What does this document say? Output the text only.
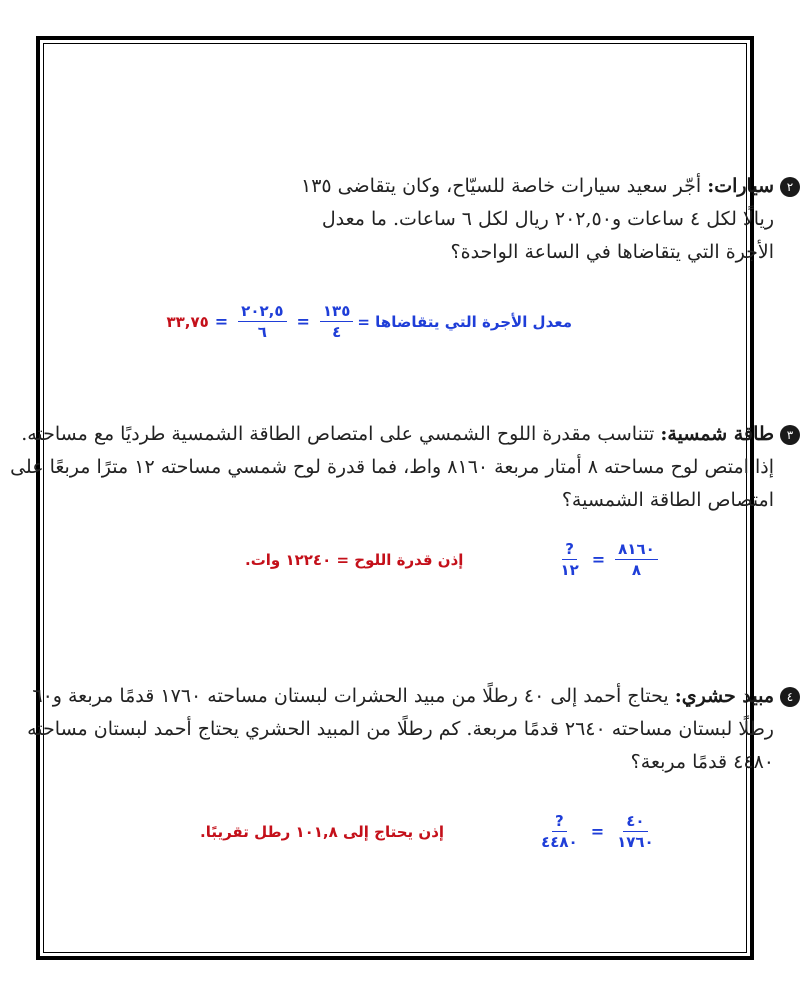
٢سيارات: أجّر سعيد سيارات خاصة للسيّاح، وكان يتقاضى ١٣٥
ريالًا لكل ٤ ساعات و٢٠٢,٥٠ ريال لكل ٦ ساعات. ما معدل
الأجرة التي يتقاضاها في الساعة الواحدة؟
معدل الأجرة التي يتقاضاها =
$\frac{١٣٥}{٤}$
=
$\frac{٢٠٢,٥}{٦}$
=
٣٣,٧٥
٣طاقة شمسية: تتناسب مقدرة اللوح الشمسي على امتصاص الطاقة الشمسية طرديًا مع مساحته.
إذا امتص لوح مساحته ٨ أمتار مربعة ٨١٦٠ واط، فما قدرة لوح شمسي مساحته ١٢ مترًا مربعًا على
امتصاص الطاقة الشمسية؟
$\frac{٨١٦٠}{٨}$
=
$\frac{?}{١٢}$
إذن قدرة اللوح = ١٢٢٤٠ وات.
٤مبيد حشري: يحتاج أحمد إلى ٤٠ رطلًا من مبيد الحشرات لبستان مساحته ١٧٦٠ قدمًا مربعة و٦٠
رطلًا لبستان مساحته ٢٦٤٠ قدمًا مربعة. كم رطلًا من المبيد الحشري يحتاج أحمد لبستان مساحته
٤٤٨٠ قدمًا مربعة؟
$\frac{٤٠}{١٧٦٠}$
=
$\frac{?}{٤٤٨٠}$
إذن يحتاج إلى ١٠١,٨ رطل تقريبًا.
